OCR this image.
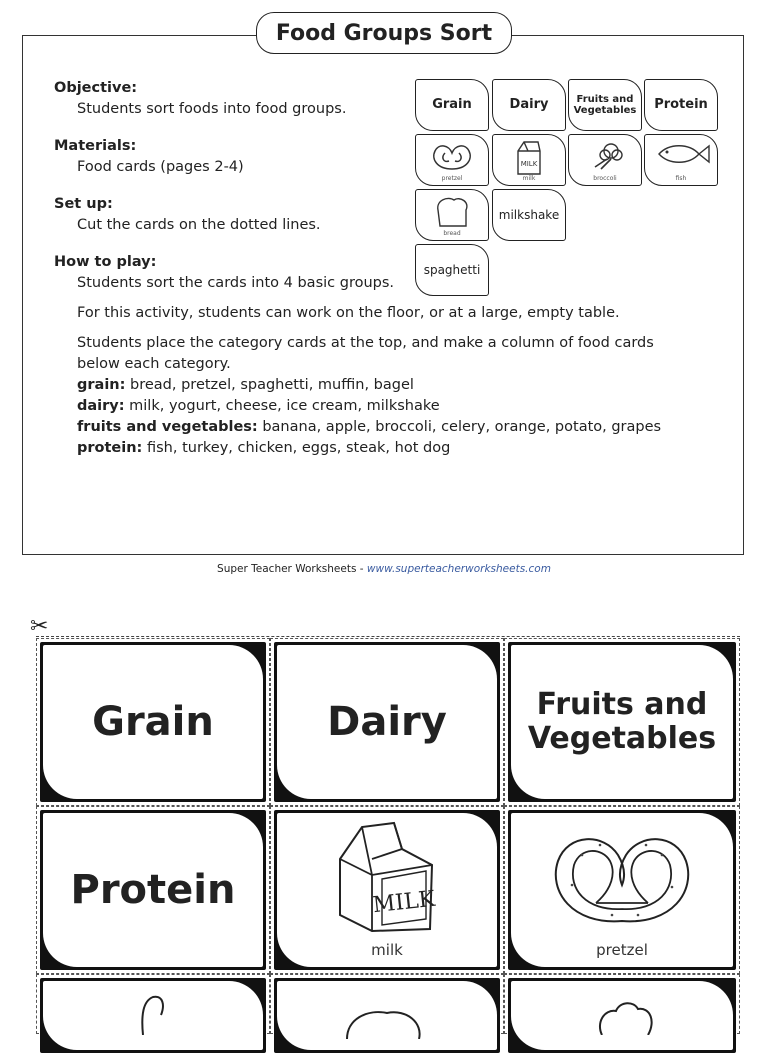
Food Groups Sort
Objective:
Students sort foods into food groups.
Materials:
Food cards (pages 2-4)
Set up:
Cut the cards on the dotted lines.
How to play:
Students sort the cards into 4 basic groups.
For this activity, students can work on the floor, or at a large, empty table.
Students place the category cards at the top, and make a column of food cards
below each category.
grain: bread, pretzel, spaghetti, muffin, bagel
dairy: milk, yogurt, cheese, ice cream, milkshake
fruits and vegetables: banana, apple, broccoli, celery, orange, potato, grapes
protein: fish, turkey, chicken, eggs, steak, hot dog
Grain	Dairy	Fruits and
Vegetables	Protein
pretzel
MILK
milk	broccoli	fish
bread
milkshake
spaghetti
Super Teacher Worksheets - www.superteacherworksheets.com
✂
Grain	Dairy	Fruits and
Vegetables
Protein	MILK
milk	pretzel
